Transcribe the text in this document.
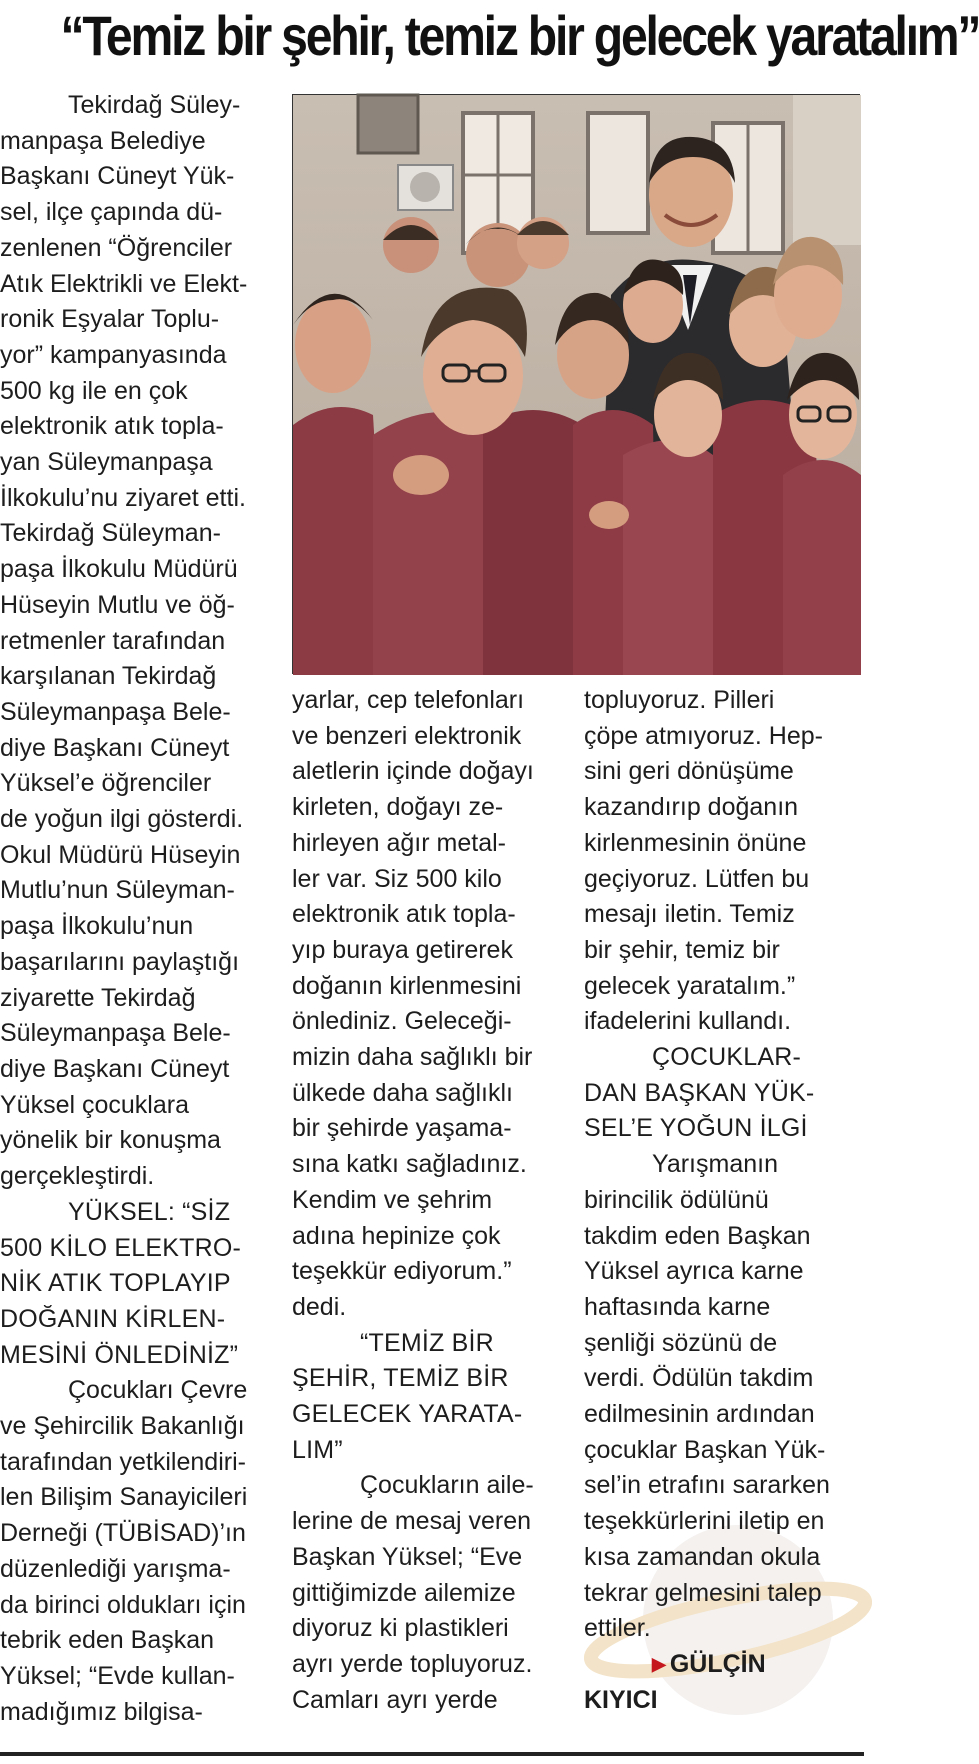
“Temiz bir şehir, temiz bir gelecek yaratalım”

Tekirdağ Süley-

manpaşa Belediye

Başkanı Cüneyt Yük-

sel, ilçe çapında dü-

zenlenen “Öğrenciler

Atık Elektrikli ve Elekt-

ronik Eşyalar Toplu-

yor” kampanyasında

500 kg ile en çok

elektronik atık topla-

yan Süleymanpaşa

İlkokulu’nu ziyaret etti.

Tekirdağ Süleyman-

paşa İlkokulu Müdürü

Hüseyin Mutlu ve öğ-

retmenler tarafından

karşılanan Tekirdağ

Süleymanpaşa Bele-

diye Başkanı Cüneyt

Yüksel’e öğrenciler

de yoğun ilgi gösterdi.

Okul Müdürü Hüseyin

Mutlu’nun Süleyman-

paşa İlkokulu’nun

başarılarını paylaştığı

ziyarette Tekirdağ

Süleymanpaşa Bele-

diye Başkanı Cüneyt

Yüksel çocuklara

yönelik bir konuşma

gerçekleştirdi.

YÜKSEL: “SİZ

500 KİLO ELEKTRO-

NİK ATIK TOPLAYIP

DOĞANIN KİRLEN-

MESİNİ ÖNLEDİNİZ”

Çocukları Çevre

ve Şehircilik Bakanlığı

tarafından yetkilendiri-

len Bilişim Sanayicileri

Derneği (TÜBİSAD)’ın

düzenlediği yarışma-

da birinci oldukları için

tebrik eden Başkan

Yüksel; “Evde kullan-

madığımız bilgisa-

yarlar, cep telefonları

ve benzeri elektronik

aletlerin içinde doğayı

kirleten, doğayı ze-

hirleyen ağır metal-

ler var. Siz 500 kilo

elektronik atık topla-

yıp buraya getirerek

doğanın kirlenmesini

önlediniz. Geleceği-

mizin daha sağlıklı bir

ülkede daha sağlıklı

bir şehirde yaşama-

sına katkı sağladınız.

Kendim ve şehrim

adına hepinize çok

teşekkür ediyorum.”

dedi.

“TEMİZ BİR

ŞEHİR, TEMİZ BİR

GELECEK YARATA-

LIM”

Çocukların aile-

lerine de mesaj veren

Başkan Yüksel; “Eve

gittiğimizde ailemize

diyoruz ki plastikleri

ayrı yerde topluyoruz.

Camları ayrı yerde

topluyoruz. Pilleri

çöpe atmıyoruz. Hep-

sini geri dönüşüme

kazandırıp doğanın

kirlenmesinin önüne

geçiyoruz. Lütfen bu

mesajı iletin. Temiz

bir şehir, temiz bir

gelecek yaratalım.”

ifadelerini kullandı.

ÇOCUKLAR-

DAN BAŞKAN YÜK-

SEL’E YOĞUN İLGİ

Yarışmanın

birincilik ödülünü

takdim eden Başkan

Yüksel ayrıca karne

haftasında karne

şenliği sözünü de

verdi. Ödülün takdim

edilmesinin ardından

çocuklar Başkan Yük-

sel’in etrafını sararken

teşekkürlerini iletip en

kısa zamandan okula

tekrar gelmesini talep

ettiler.

▶ GÜLÇİN

KIYICI
